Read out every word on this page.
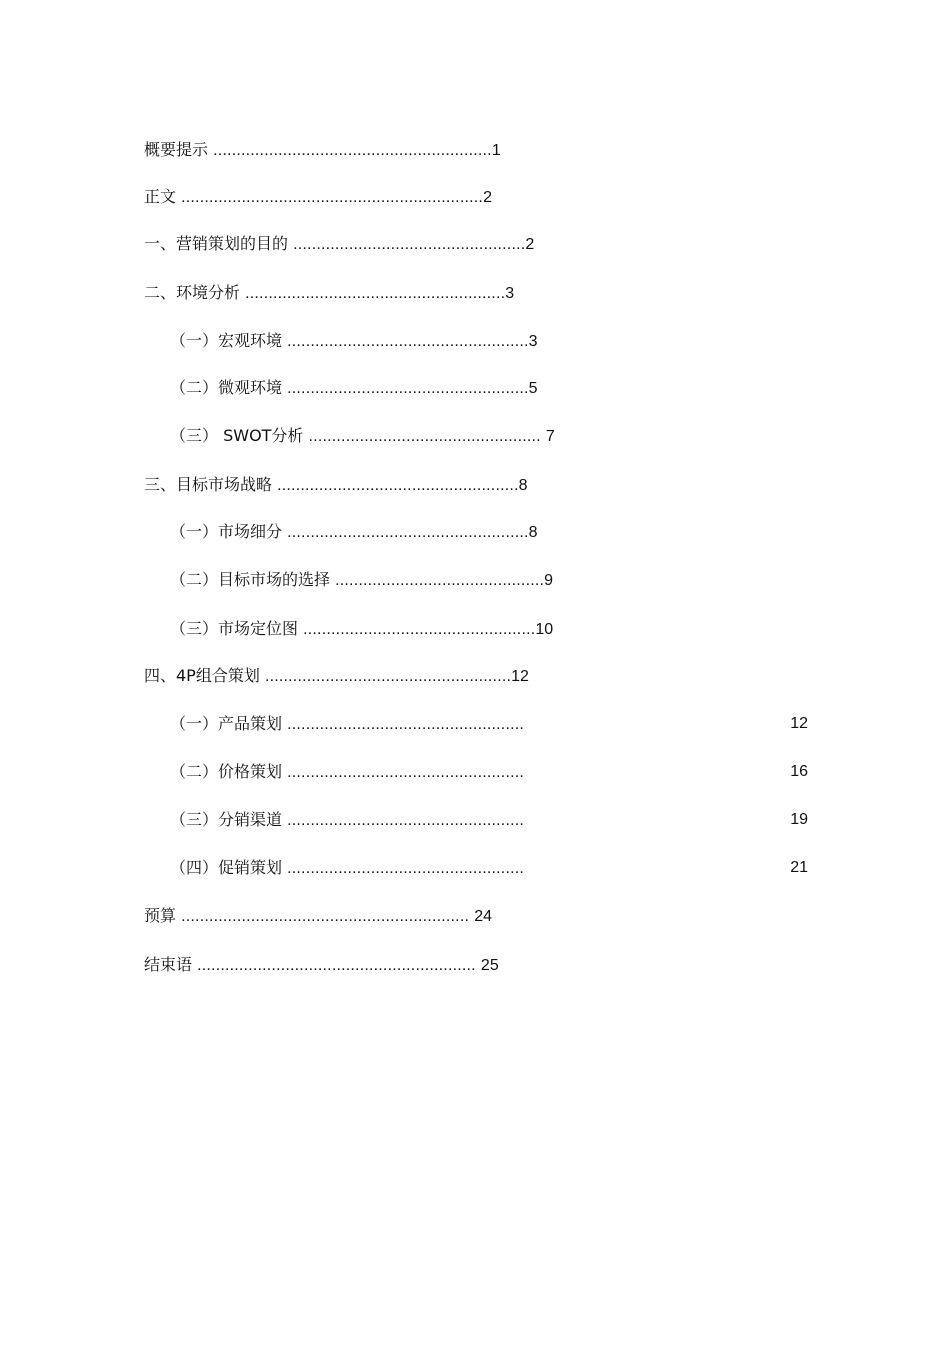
概要提示 ............................................................1
正文 .................................................................2
一、营销策划的目的 ..................................................2
二、环境分析 ........................................................3
（一）宏观环境 ....................................................3
（二）微观环境 ....................................................5
（三） SWOT分析 .................................................. 7
三、目标市场战略 ....................................................8
（一）市场细分 ....................................................8
（二）目标市场的选择 .............................................9
（三）市场定位图 ..................................................10
四、4P组合策划 .....................................................12
（一）产品策划 ...................................................	12
（二）价格策划 ...................................................	16
（三）分销渠道 ...................................................	19
（四）促销策划 ...................................................	21
预算 .............................................................. 24
结束语 ............................................................ 25
